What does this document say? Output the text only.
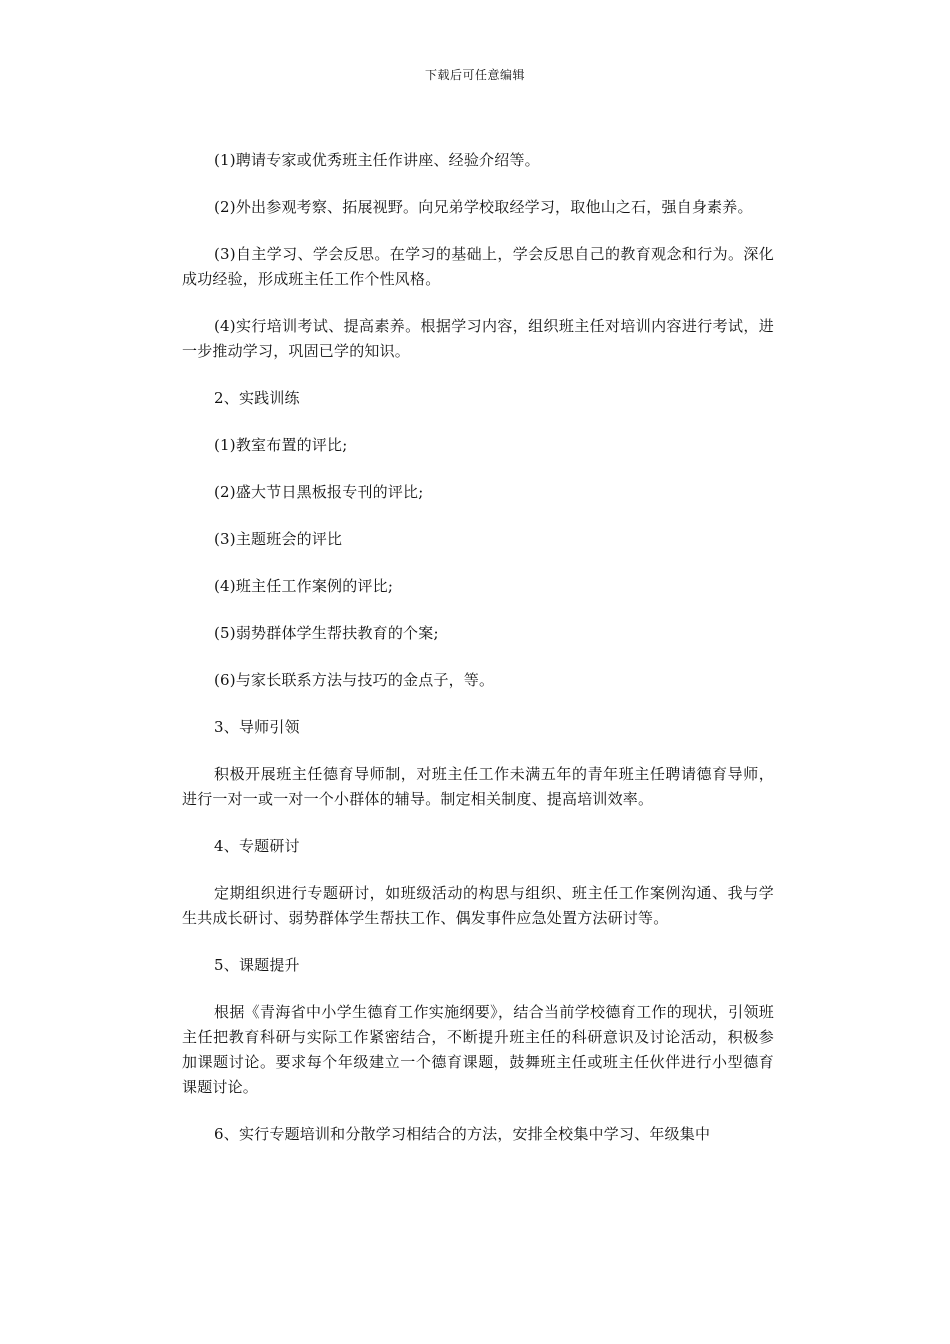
下载后可任意编辑

(1)聘请专家或优秀班主任作讲座、经验介绍等。

(2)外出参观考察、拓展视野。向兄弟学校取经学习，取他山之石，强自身素养。

(3)自主学习、学会反思。在学习的基础上，学会反思自己的教育观念和行为。深化成功经验，形成班主任工作个性风格。

(4)实行培训考试、提高素养。根据学习内容，组织班主任对培训内容进行考试，进一步推动学习，巩固已学的知识。

2、实践训练

(1)教室布置的评比;

(2)盛大节日黑板报专刊的评比;

(3)主题班会的评比

(4)班主任工作案例的评比;

(5)弱势群体学生帮扶教育的个案;

(6)与家长联系方法与技巧的金点子，等。

3、导师引领

积极开展班主任德育导师制，对班主任工作未满五年的青年班主任聘请德育导师，进行一对一或一对一个小群体的辅导。制定相关制度、提高培训效率。

4、专题研讨

定期组织进行专题研讨，如班级活动的构思与组织、班主任工作案例沟通、我与学生共成长研讨、弱势群体学生帮扶工作、偶发事件应急处置方法研讨等。

5、课题提升

根据《青海省中小学生德育工作实施纲要》，结合当前学校德育工作的现状，引领班主任把教育科研与实际工作紧密结合，不断提升班主任的科研意识及讨论活动，积极参加课题讨论。要求每个年级建立一个德育课题，鼓舞班主任或班主任伙伴进行小型德育课题讨论。

6、实行专题培训和分散学习相结合的方法，安排全校集中学习、年级集中
